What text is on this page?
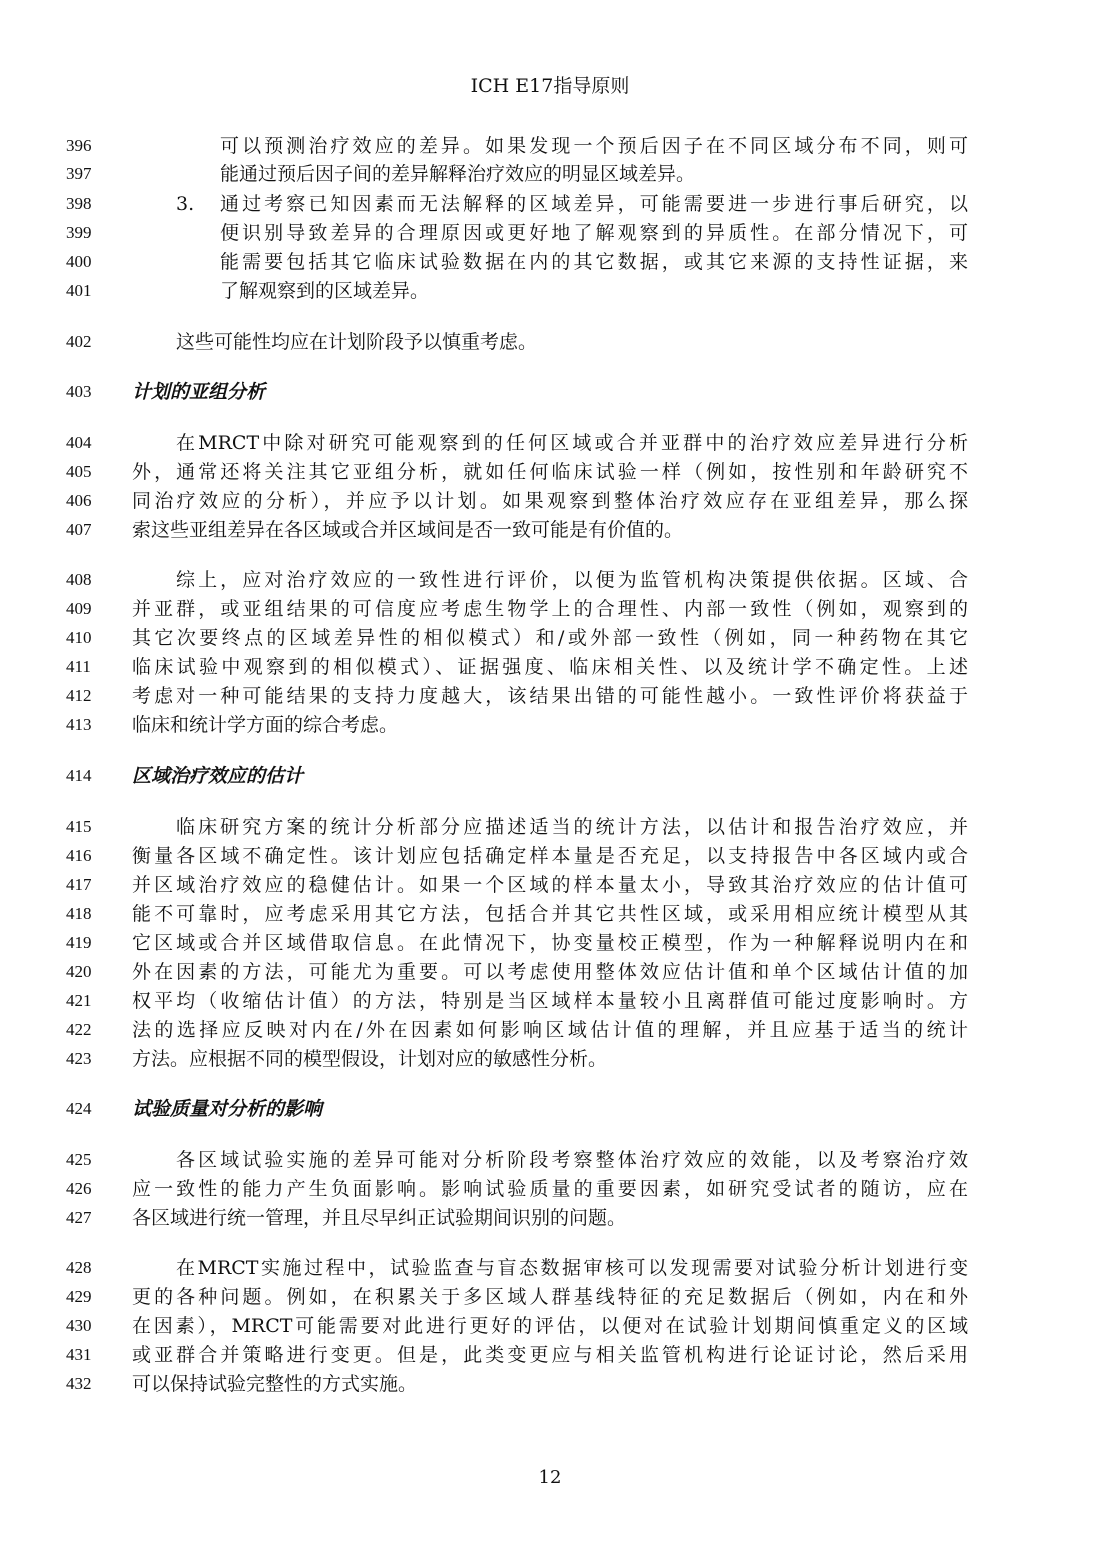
ICH E17指导原则
396	可以预测治疗效应的差异。如果发现一个预后因子在不同区域分布不同，则可
397	能通过预后因子间的差异解释治疗效应的明显区域差异。
398	3. 通过考察已知因素而无法解释的区域差异，可能需要进一步进行事后研究，以
399	便识别导致差异的合理原因或更好地了解观察到的异质性。在部分情况下，可
400	能需要包括其它临床试验数据在内的其它数据，或其它来源的支持性证据，来
401	了解观察到的区域差异。
402	这些可能性均应在计划阶段予以慎重考虑。
403	计划的亚组分析
404	在MRCT中除对研究可能观察到的任何区域或合并亚群中的治疗效应差异进行分析
405	外，通常还将关注其它亚组分析，就如任何临床试验一样（例如，按性别和年龄研究不
406	同治疗效应的分析），并应予以计划。如果观察到整体治疗效应存在亚组差异，那么探
407	索这些亚组差异在各区域或合并区域间是否一致可能是有价值的。
408	综上，应对治疗效应的一致性进行评价，以便为监管机构决策提供依据。区域、合
409	并亚群，或亚组结果的可信度应考虑生物学上的合理性、内部一致性（例如，观察到的
410	其它次要终点的区域差异性的相似模式）和/或外部一致性（例如，同一种药物在其它
411	临床试验中观察到的相似模式）、证据强度、临床相关性、以及统计学不确定性。上述
412	考虑对一种可能结果的支持力度越大，该结果出错的可能性越小。一致性评价将获益于
413	临床和统计学方面的综合考虑。
414	区域治疗效应的估计
415	临床研究方案的统计分析部分应描述适当的统计方法，以估计和报告治疗效应，并
416	衡量各区域不确定性。该计划应包括确定样本量是否充足，以支持报告中各区域内或合
417	并区域治疗效应的稳健估计。如果一个区域的样本量太小，导致其治疗效应的估计值可
418	能不可靠时，应考虑采用其它方法，包括合并其它共性区域，或采用相应统计模型从其
419	它区域或合并区域借取信息。在此情况下，协变量校正模型，作为一种解释说明内在和
420	外在因素的方法，可能尤为重要。可以考虑使用整体效应估计值和单个区域估计值的加
421	权平均（收缩估计值）的方法，特别是当区域样本量较小且离群值可能过度影响时。方
422	法的选择应反映对内在/外在因素如何影响区域估计值的理解，并且应基于适当的统计
423	方法。应根据不同的模型假设，计划对应的敏感性分析。
424	试验质量对分析的影响
425	各区域试验实施的差异可能对分析阶段考察整体治疗效应的效能，以及考察治疗效
426	应一致性的能力产生负面影响。影响试验质量的重要因素，如研究受试者的随访，应在
427	各区域进行统一管理，并且尽早纠正试验期间识别的问题。
428	在MRCT实施过程中，试验监查与盲态数据审核可以发现需要对试验分析计划进行变
429	更的各种问题。例如，在积累关于多区域人群基线特征的充足数据后（例如，内在和外
430	在因素），MRCT可能需要对此进行更好的评估，以便对在试验计划期间慎重定义的区域
431	或亚群合并策略进行变更。但是，此类变更应与相关监管机构进行论证讨论，然后采用
432	可以保持试验完整性的方式实施。
12
